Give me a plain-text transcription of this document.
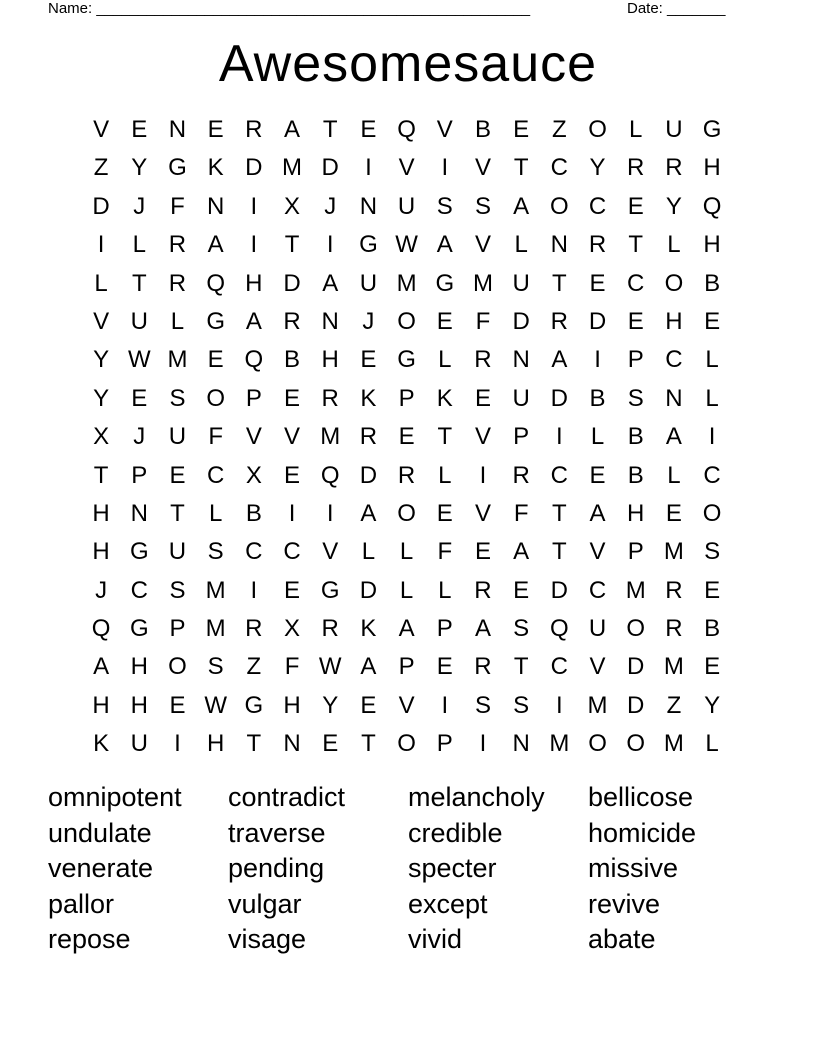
Name: ____________________________________________________	Date: _______
Awesomesauce
V E N E R A T E Q V B E Z O L U G
Z Y G K D M D	I	V	I	V T C Y R R H
D J	F N	I	X	J N U S S A O C E Y Q
I	L R A	I	T	I	G W A V L N R T	L H
L	T R Q H D A U M G M U T E C O B
V U L G A R N J O E F D R D E H E
Y W M E Q B H E G L R N A	I	P C L
Y E S O P E R K P K E U D B S N L
X	J U F V V M R E T V P	I	L B A	I
T P E C X E Q D R L	I	R C E B L C
H N T	L B	I	I	A O E V F T A H E O
H G U S C C V L	L	F E A T V P M S
J C S M	I	E G D L	L R E D C M R E
Q G P M R X R K A P A S Q U O R B
A H O S Z F W A P E R T C V D M E
H H E W G H Y E V	I	S S	I	M D Z Y
K U	I	H T N E T O P	I	N M O O M L
omnipotent	contradict	melancholy	bellicose
undulate	traverse	credible	homicide
venerate	pending	specter	missive
pallor	vulgar	except	revive
repose	visage	vivid	abate
